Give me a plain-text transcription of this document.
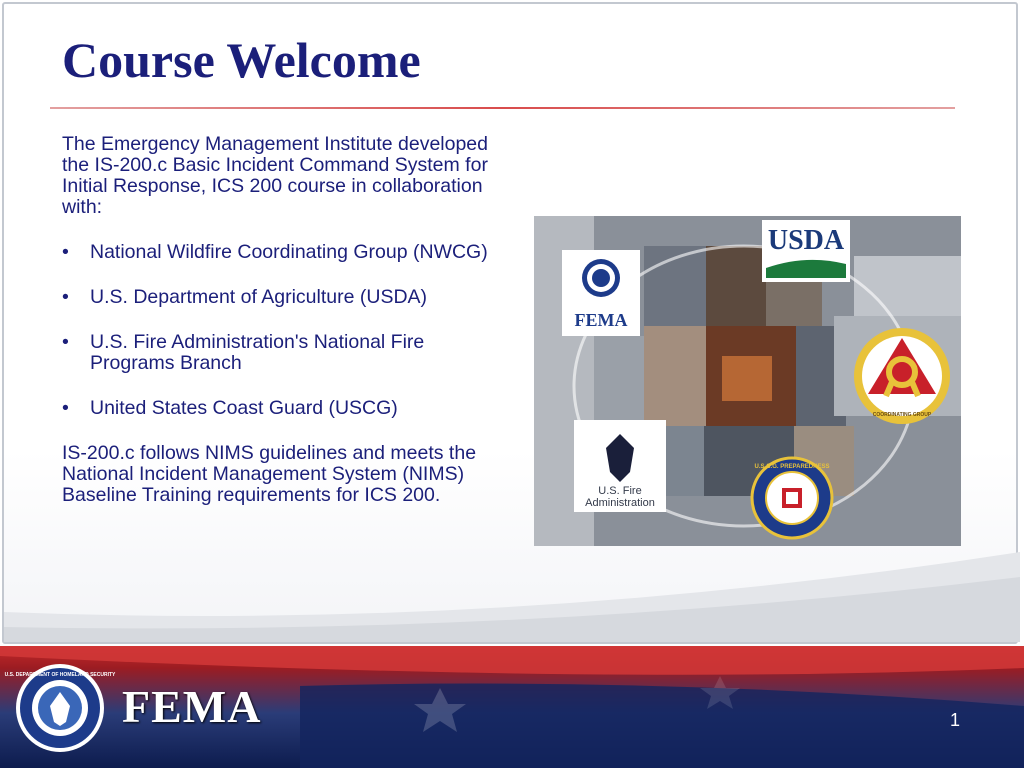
Course Welcome

The Emergency Management Institute developed the IS-200.c Basic Incident Command System for Initial Response, ICS 200 course in collaboration with:

• National Wildfire Coordinating Group (NWCG)
• U.S. Department of Agriculture (USDA)
• U.S. Fire Administration's National Fire Programs Branch
• United States Coast Guard (USCG)

IS-200.c follows NIMS guidelines and meets the National Incident Management System (NIMS) Baseline Training requirements for ICS 200.

FEMA
USDA
COORDINATING GROUP
U.S. Fire
Administration
U.S.C.G. PREPAREDNESS
U.S. DEPARTMENT OF HOMELAND SECURITY
FEMA	1
